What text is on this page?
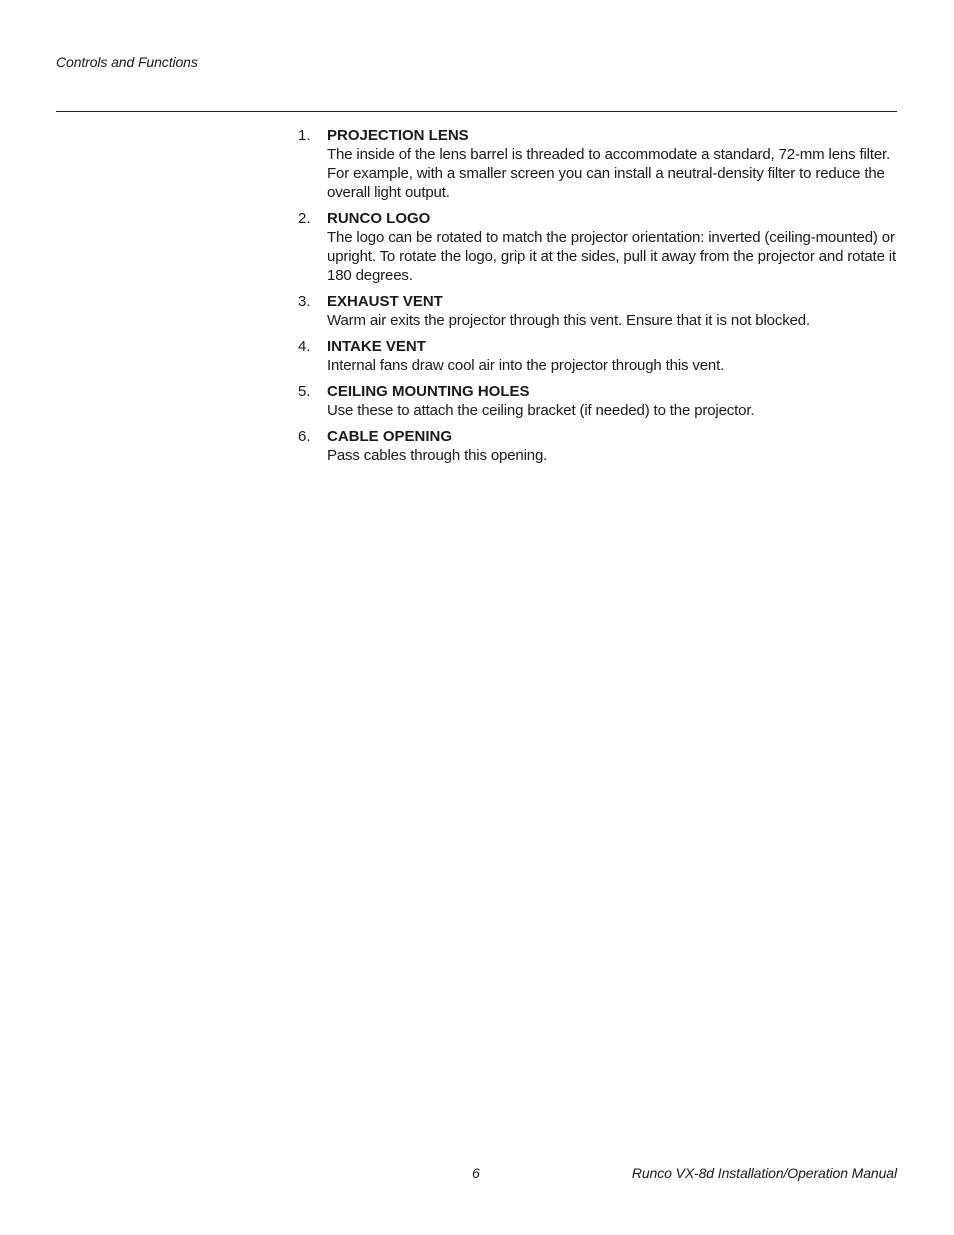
Controls and Functions
1. PROJECTION LENS
The inside of the lens barrel is threaded to accommodate a standard, 72-mm lens filter. For example, with a smaller screen you can install a neutral-density filter to reduce the overall light output.
2. RUNCO LOGO
The logo can be rotated to match the projector orientation: inverted (ceiling-mounted) or upright. To rotate the logo, grip it at the sides, pull it away from the projector and rotate it 180 degrees.
3. EXHAUST VENT
Warm air exits the projector through this vent. Ensure that it is not blocked.
4. INTAKE VENT
Internal fans draw cool air into the projector through this vent.
5. CEILING MOUNTING HOLES
Use these to attach the ceiling bracket (if needed) to the projector.
6. CABLE OPENING
Pass cables through this opening.
6	Runco VX-8d Installation/Operation Manual
